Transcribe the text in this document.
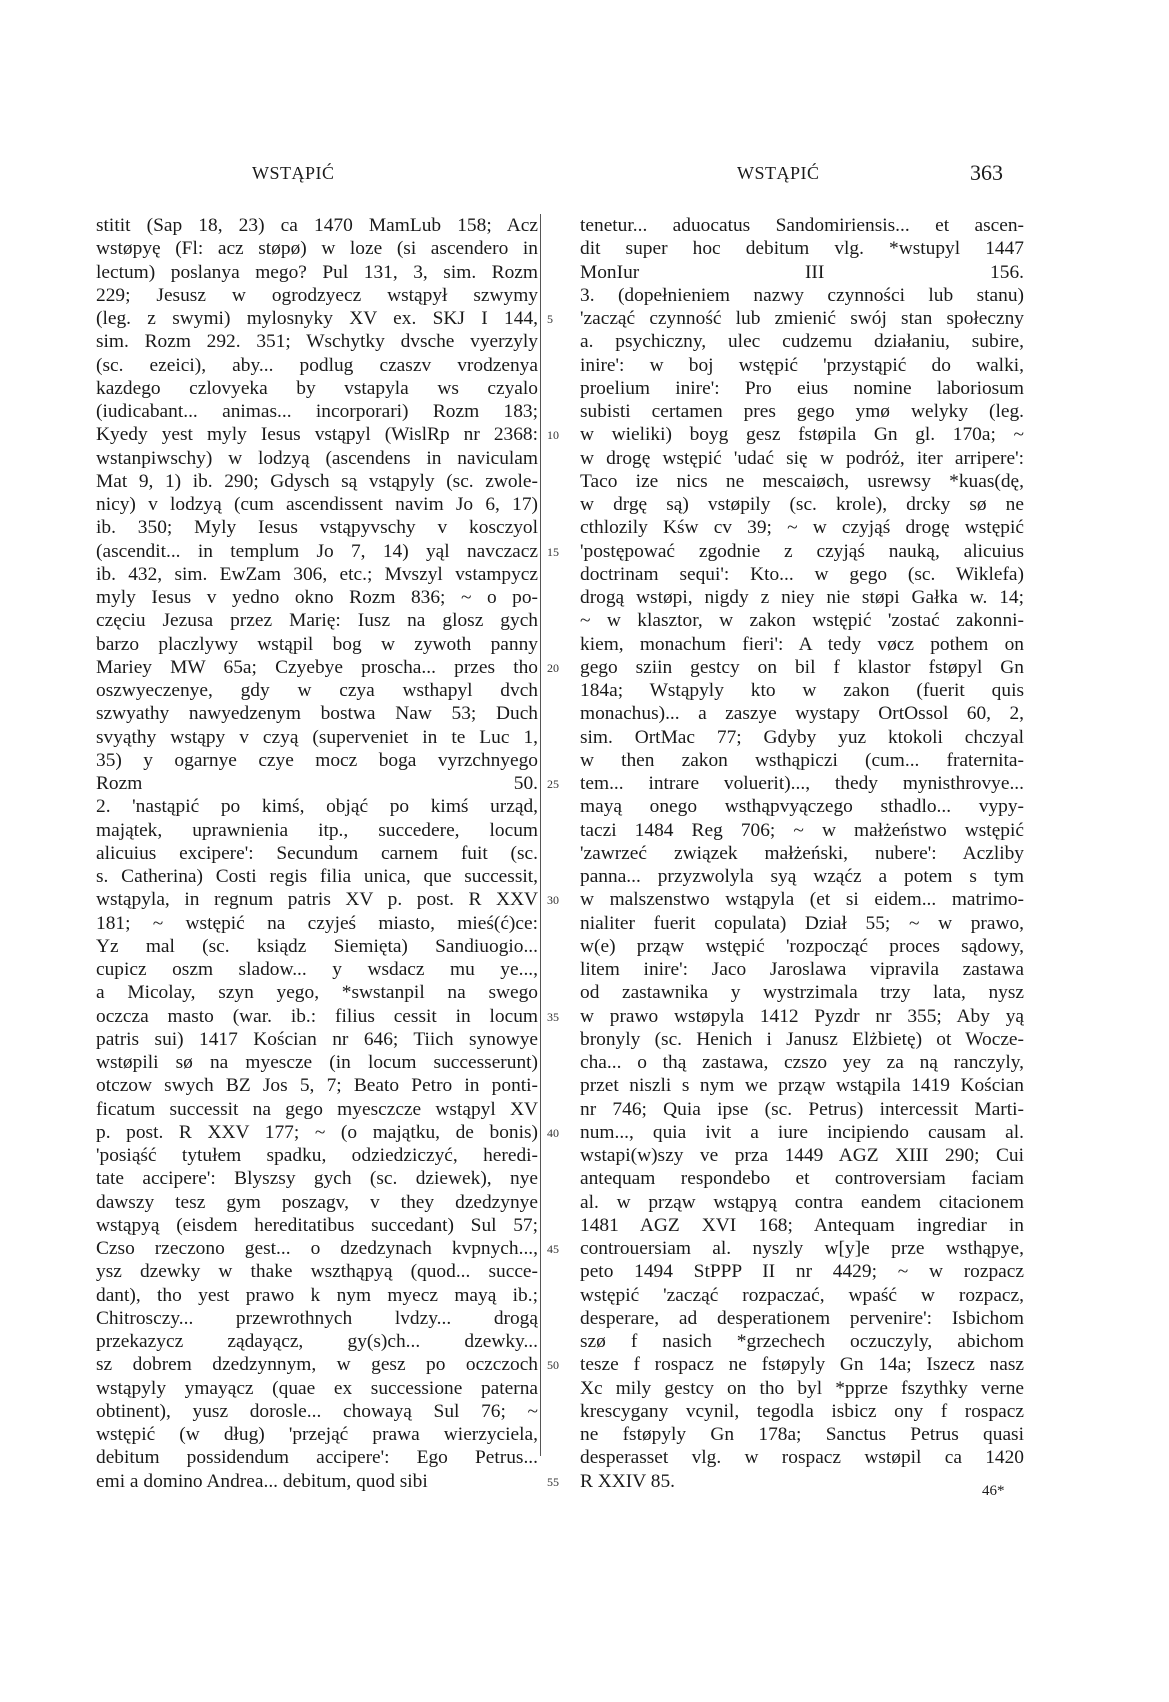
WSTĄPIĆ	WSTĄPIĆ	363
stitit (Sap 18, 23) ca 1470 MamLub 158; Acz
wstøpyę (Fl: acz støpø) w loze (si ascendero in
lectum) poslanya mego? Pul 131, 3, sim. Rozm
229; Jesusz w ogrodzyecz wstąpył szwymy
(leg. z swymi) mylosnyky XV ex. SKJ I 144,
sim. Rozm 292. 351; Wschytky dvsche vyerzyly
(sc. ezeici), aby... podlug czaszv vrodzenya
kazdego czlovyeka by vstapyla ws czyalo
(iudicabant... animas... incorporari) Rozm 183;
Kyedy yest myly Iesus vstąpyl (WislRp nr 2368:
wstanpiwschy) w lodzyą (ascendens in naviculam
Mat 9, 1) ib. 290; Gdysch są vstąpyly (sc. zwole-
nicy) v lodzyą (cum ascendissent navim Jo 6, 17)
ib. 350; Myly Iesus vstąpyvschy v kosczyol
(ascendit... in templum Jo 7, 14) yąl navczacz
ib. 432, sim. EwZam 306, etc.; Mvszyl vstampycz
myly Iesus v yedno okno Rozm 836; ~ o po-
częciu Jezusa przez Marię: Iusz na glosz gych
barzo placzlywy wstąpil bog w zywoth panny
Mariey MW 65a; Czyebye proscha... przes tho
oszwyeczenye, gdy w czya wsthapyl dvch
szwyathy nawyedzenym bostwa Naw 53; Duch
svyąthy wstąpy v czyą (superveniet in te Luc 1,
35) y ogarnye czye mocz boga vyrzchnyego
Rozm 50.
2. 'nastąpić po kimś, objąć po kimś urząd,
majątek, uprawnienia itp., succedere, locum
alicuius excipere': Secundum carnem fuit (sc.
s. Catherina) Costi regis filia unica, que successit,
wstąpyla, in regnum patris XV p. post. R XXV
181; ~ wstępić na czyjeś miasto, mieś(ć)ce:
Yz mal (sc. ksiądz Siemięta) Sandiuogio...
cupicz oszm sladow... y wsdacz mu ye...,
a Micolay, szyn yego, *swstanpil na swego
oczcza masto (war. ib.: filius cessit in locum
patris sui) 1417 Kościan nr 646; Tiich synowye
wstøpili sø na myescze (in locum successerunt)
otczow swych BZ Jos 5, 7; Beato Petro in ponti-
ficatum successit na gego myesczcze wstąpyl XV
p. post. R XXV 177; ~ (o majątku, de bonis)
'posiąść tytułem spadku, odziedziczyć, heredi-
tate accipere': Blyszsy gych (sc. dziewek), nye
dawszy tesz gym poszagv, v they dzedzynye
wstąpyą (eisdem hereditatibus succedant) Sul 57;
Czso rzeczono gest... o dzedzynach kvpnych...,
ysz dzewky w thake wszthąpyą (quod... succe-
dant), tho yest prawo k nym myecz mayą ib.;
Chitrosczy... przewrothnych lvdzy... drogą
przekazycz ządayącz, gy(s)ch... dzewky...
sz dobrem dzedzynnym, w gesz po oczczoch
wstąpyly ymayącz (quae ex successione paterna
obtinent), yusz dorosle... chowayą Sul 76; ~
wstępić (w dług) 'przejąć prawa wierzyciela,
debitum possidendum accipere': Ego Petrus...
emi a domino Andrea... debitum, quod sibi
5
10
15
20
25
30
35
40
45
50
55
tenetur... aduocatus Sandomiriensis... et ascen-
dit super hoc debitum vlg. *wstupyl 1447
MonIur III 156.
3. (dopełnieniem nazwy czynności lub stanu)
'zacząć czynność lub zmienić swój stan społeczny
a. psychiczny, ulec cudzemu działaniu, subire,
inire': w boj wstępić 'przystąpić do walki,
proelium inire': Pro eius nomine laboriosum
subisti certamen pres gego ymø welyky (leg.
w wieliki) boyg gesz fstøpila Gn gl. 170a; ~
w drogę wstępić 'udać się w podróż, iter arripere':
Taco ize nics ne mescaiøch, usrewsy *kuas(dę,
w drgę są) vstøpily (sc. krole), drcky sø ne
cthlozily Kśw cv 39; ~ w czyjąś drogę wstępić
'postępować zgodnie z czyjąś nauką, alicuius
doctrinam sequi': Kto... w gego (sc. Wiklefa)
drogą wstøpi, nigdy z niey nie støpi Gałka w. 14;
~ w klasztor, w zakon wstępić 'zostać zakonni-
kiem, monachum fieri': A tedy vøcz pothem on
gego sziin gestcy on bil f klastor fstøpyl Gn
184a; Wstąpyly kto w zakon (fuerit quis
monachus)... a zaszye wystapy OrtOssol 60, 2,
sim. OrtMac 77; Gdyby yuz ktokoli chczyal
w then zakon wsthąpiczi (cum... fraternita-
tem... intrare voluerit)..., thedy mynisthrovye...
mayą onego wsthąpvyączego sthadlo... vypy-
taczi 1484 Reg 706; ~ w małżeństwo wstępić
'zawrzeć związek małżeński, nubere': Aczliby
panna... przyzwolyla syą wząćz a potem s tym
w malszenstwo wstąpyla (et si eidem... matrimo-
nialiter fuerit copulata) Dział 55; ~ w prawo,
w(e) prząw wstępić 'rozpocząć proces sądowy,
litem inire': Jaco Jaroslawa vipravila zastawa
od zastawnika y wystrzimala trzy lata, nysz
w prawo wstøpyla 1412 Pyzdr nr 355; Aby yą
bronyly (sc. Henich i Janusz Elżbietę) ot Wocze-
cha... o thą zastawa, czszo yey za ną ranczyly,
przet niszli s nym we prząw wstąpila 1419 Kościan
nr 746; Quia ipse (sc. Petrus) intercessit Marti-
num..., quia ivit a iure incipiendo causam al.
wstapi(w)szy ve prza 1449 AGZ XIII 290; Cui
antequam respondebo et controversiam faciam
al. w prząw wstąpyą contra eandem citacionem
1481 AGZ XVI 168; Antequam ingrediar in
controuersiam al. nyszly w[y]e prze wsthąpye,
peto 1494 StPPP II nr 4429; ~ w rozpacz
wstępić 'zacząć rozpaczać, wpaść w rozpacz,
desperare, ad desperationem pervenire': Isbichom
szø f nasich *grzechech oczuczyly, abichom
tesze f rospacz ne fstøpyly Gn 14a; Iszecz nasz
Xc mily gestcy on tho byl *pprze fszythky verne
krescygany vcynil, tegodla isbicz ony f rospacz
ne fstøpyly Gn 178a; Sanctus Petrus quasi
desperasset vlg. w rospacz wstøpil ca 1420
R XXIV 85.	46*
